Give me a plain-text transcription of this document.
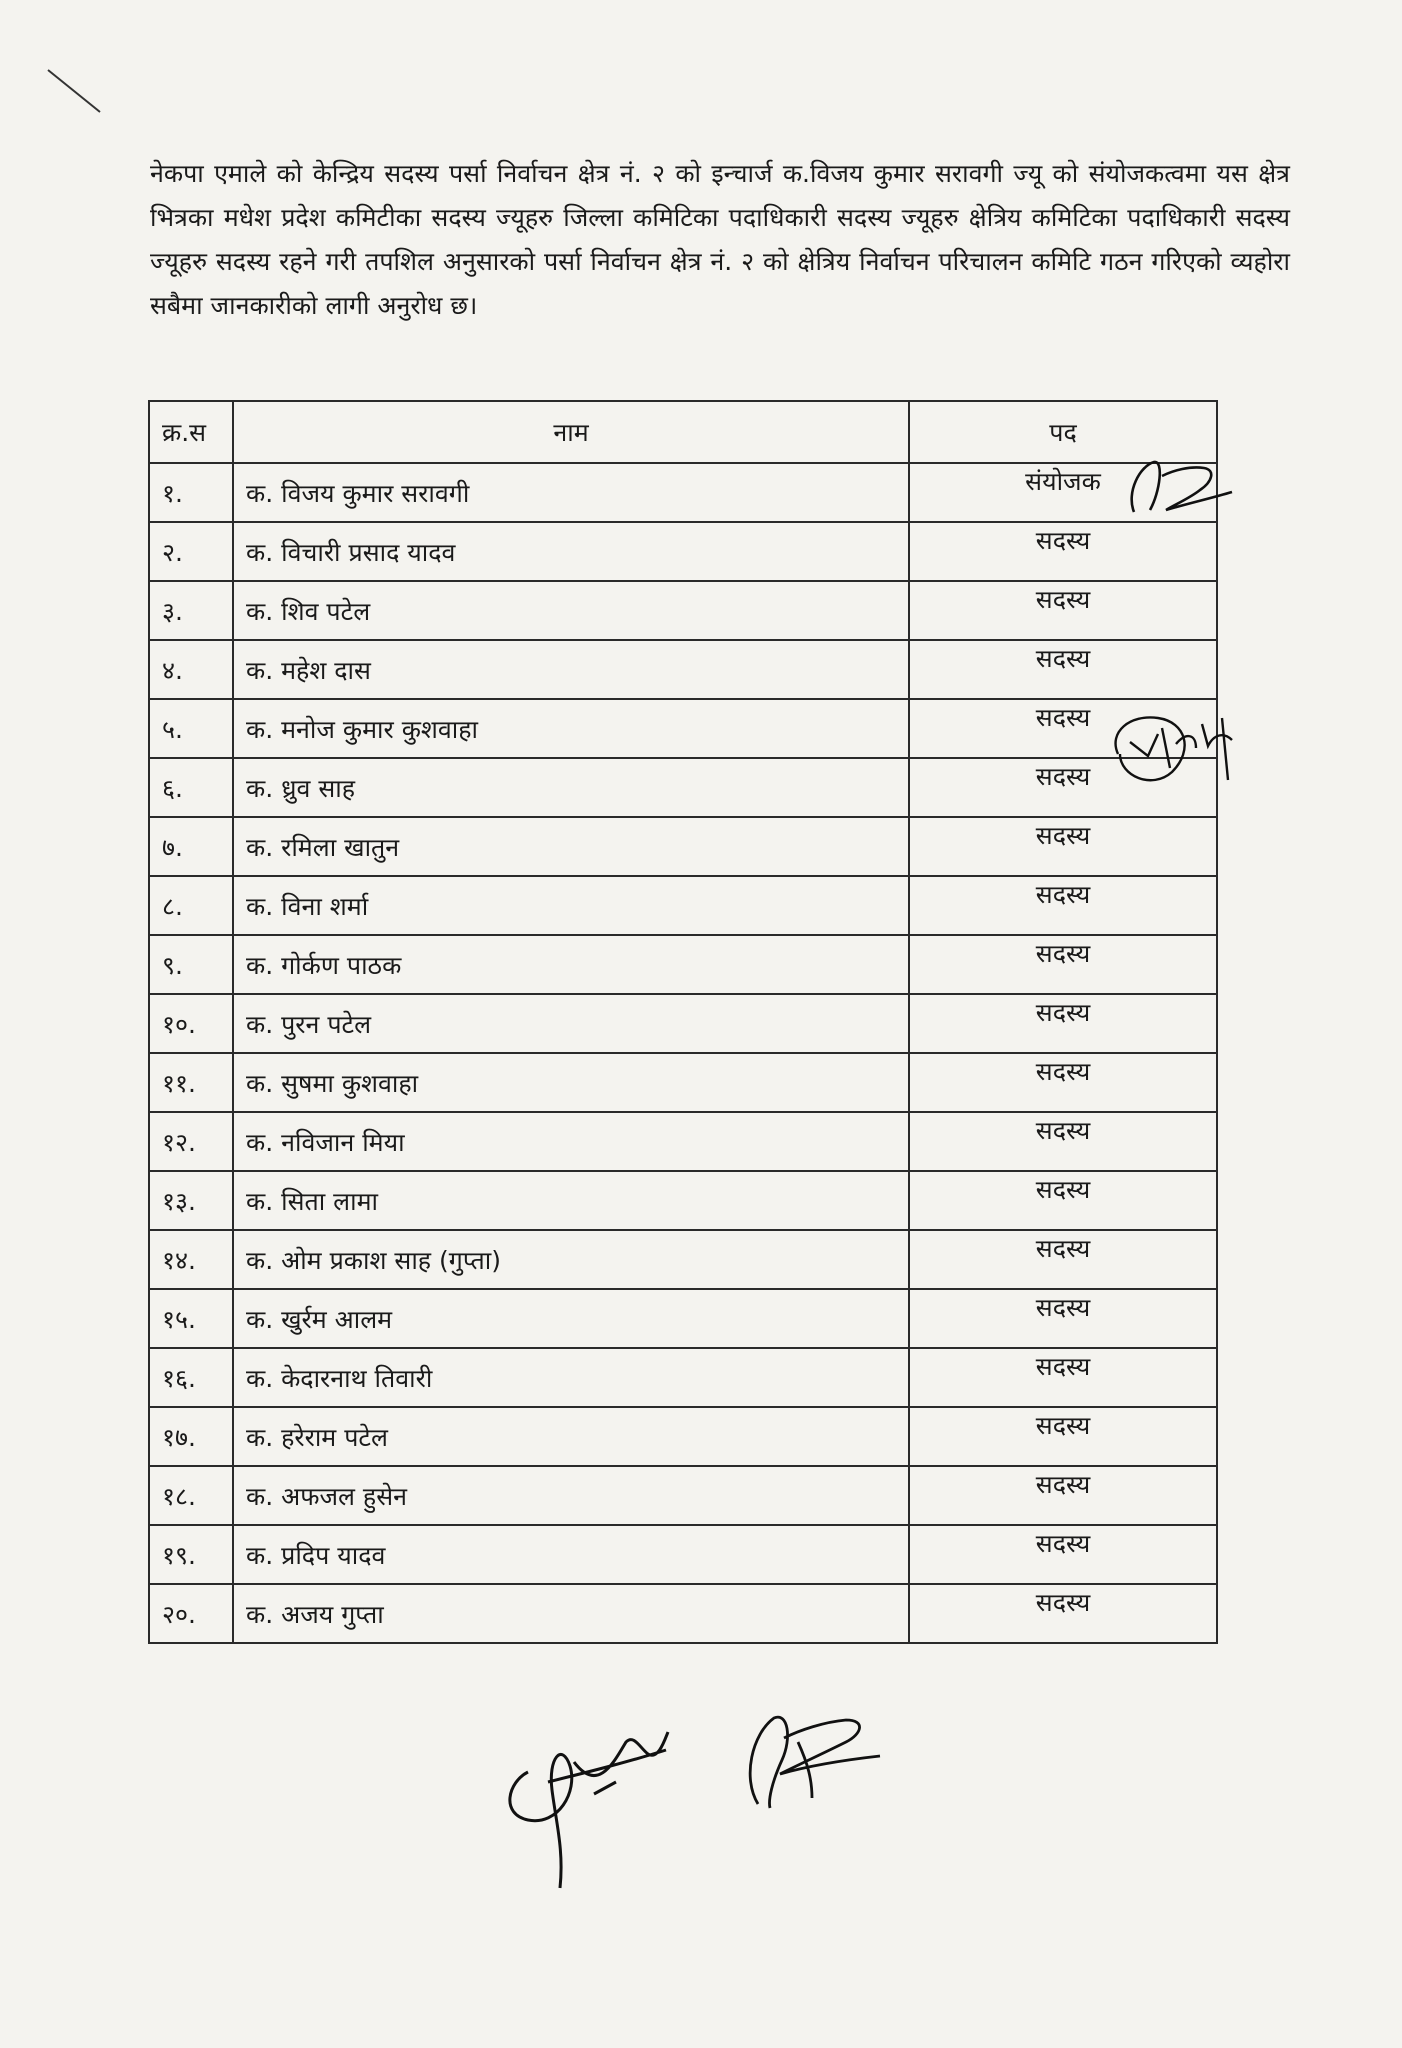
नेकपा एमाले को केन्द्रिय सदस्य पर्सा निर्वाचन क्षेत्र नं. २ को इन्चार्ज क.विजय कुमार सरावगी ज्यू को संयोजकत्वमा यस क्षेत्र भित्रका मधेश प्रदेश कमिटीका सदस्य ज्यूहरु जिल्ला कमिटिका पदाधिकारी सदस्य ज्यूहरु क्षेत्रिय कमिटिका पदाधिकारी सदस्य ज्यूहरु सदस्य रहने गरी तपशिल अनुसारको पर्सा निर्वाचन क्षेत्र नं. २ को क्षेत्रिय निर्वाचन परिचालन कमिटि गठन गरिएको व्यहोरा सबैमा जानकारीको लागी अनुरोध छ।

क्र.स	नाम	पद
१.	क. विजय कुमार सरावगी	संयोजक
२.	क. विचारी प्रसाद यादव	सदस्य
३.	क. शिव पटेल	सदस्य
४.	क. महेश दास	सदस्य
५.	क. मनोज कुमार कुशवाहा	सदस्य
६.	क. ध्रुव साह	सदस्य
७.	क. रमिला खातुन	सदस्य
८.	क. विना शर्मा	सदस्य
९.	क. गोर्कण पाठक	सदस्य
१०.	क. पुरन पटेल	सदस्य
११.	क. सुषमा कुशवाहा	सदस्य
१२.	क. नविजान मिया	सदस्य
१३.	क. सिता लामा	सदस्य
१४.	क. ओम प्रकाश साह (गुप्ता)	सदस्य
१५.	क. खुर्रम आलम	सदस्य
१६.	क. केदारनाथ तिवारी	सदस्य
१७.	क. हरेराम पटेल	सदस्य
१८.	क. अफजल हुसेन	सदस्य
१९.	क. प्रदिप यादव	सदस्य
२०.	क. अजय गुप्ता	सदस्य
